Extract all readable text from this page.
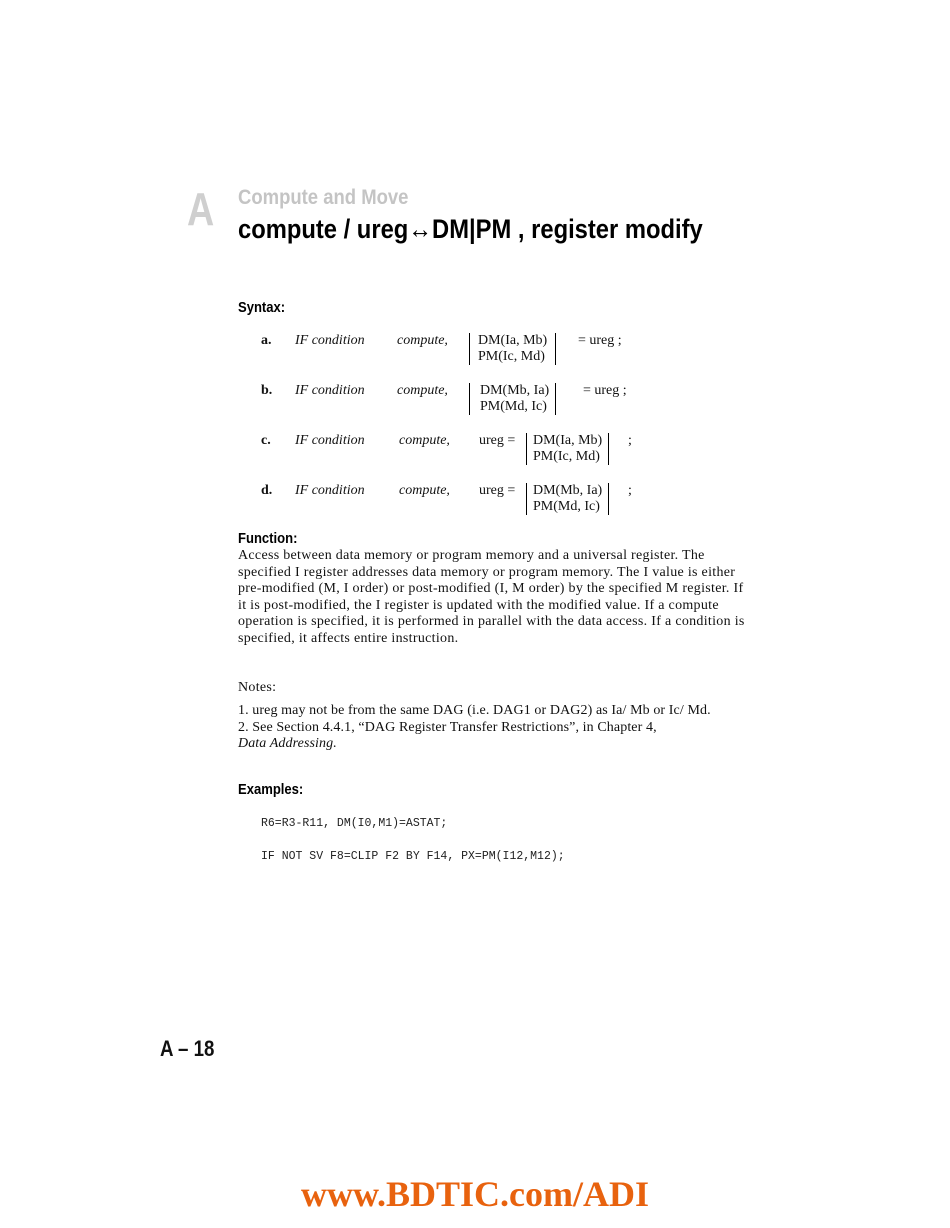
A Compute and Move
compute / ureg↔DM|PM , register modify
Syntax:
a. IF condition compute, DM(Ia, Mb)
PM(Ic, Md)
= ureg ;
b. IF condition compute, DM(Mb, Ia)
PM(Md, Ic)
= ureg ;
c. IF condition compute, ureg = DM(Ia, Mb)
PM(Ic, Md)
;
d. IF condition compute, ureg = DM(Mb, Ia)
PM(Md, Ic)
;
Function:
Access between data memory or program memory and a universal register. The specified I register addresses data memory or program memory. The I value is either pre-modified (M, I order) or post-modified (I, M order) by the specified M register. If it is post-modified, the I register is updated with the modified value. If a compute operation is specified, it is performed in parallel with the data access. If a condition is specified, it affects entire instruction.
Notes:
1. ureg may not be from the same DAG (i.e. DAG1 or DAG2) as Ia/ Mb or Ic/ Md.
2. See Section 4.4.1, “DAG Register Transfer Restrictions”, in Chapter 4,
Data Addressing.
Examples:
R6=R3-R11, DM(I0,M1)=ASTAT;
IF NOT SV F8=CLIP F2 BY F14, PX=PM(I12,M12);
A – 18
www.BDTIC.com/ADI
